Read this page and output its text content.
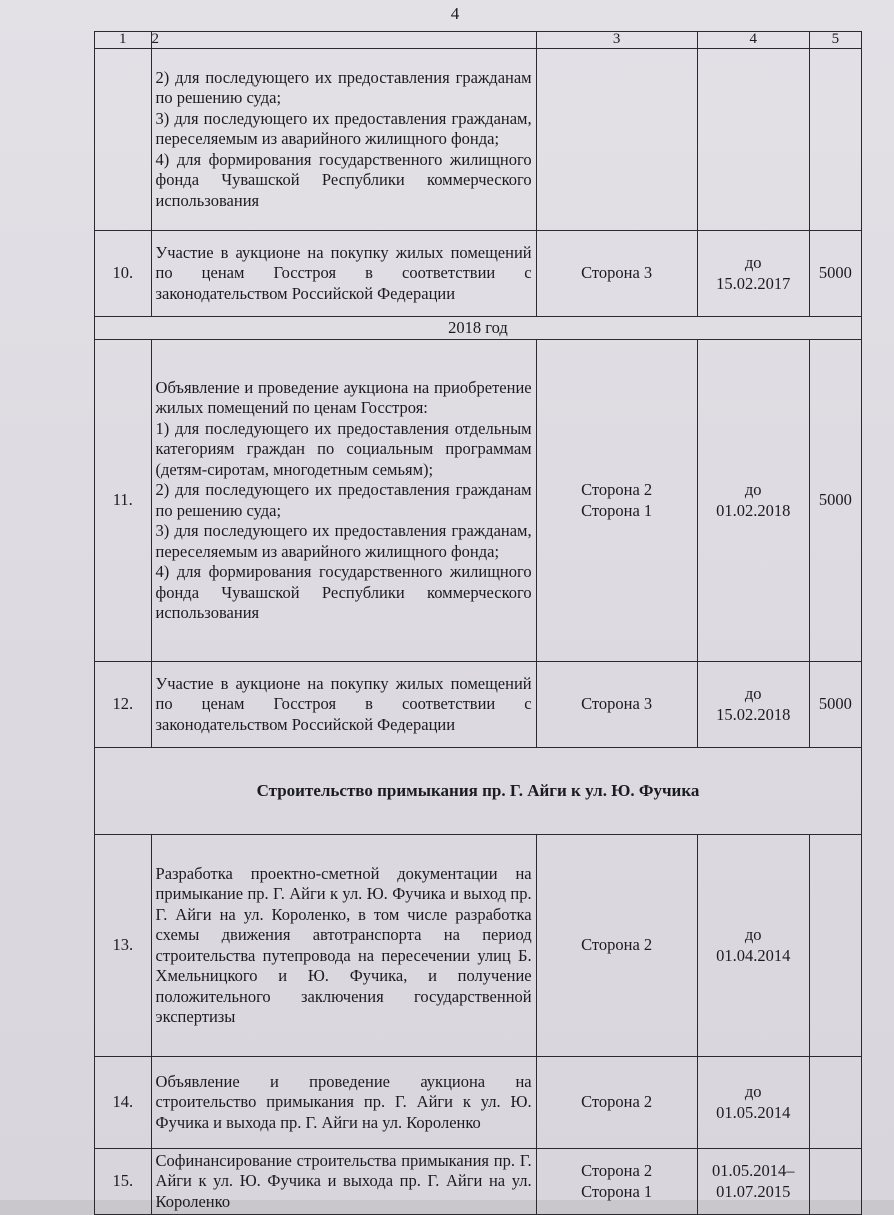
4
1	2	3	4	5
	2) для последующего их предоставления гражданам по решению суда;
3) для последующего их предоставления гражданам, переселяемым из аварийного жилищного фонда;
4) для формирования государственного жилищного фонда Чувашской Республики коммерческого использования			
10.	Участие в аукционе на покупку жилых помещений по ценам Госстроя в соответствии с законодательством Российской Федерации	Сторона 3	до
15.02.2017	5000
2018 год				
11.	Объявление и проведение аукциона на приобретение жилых помещений по ценам Госстроя:
1) для последующего их предоставления отдельным категориям граждан по социальным программам (детям-сиротам, многодетным семьям);
2) для последующего их предоставления гражданам по решению суда;
3) для последующего их предоставления гражданам, переселяемым из аварийного жилищного фонда;
4) для формирования государственного жилищного фонда Чувашской Республики коммерческого использования	Сторона 2
Сторона 1	до
01.02.2018	5000
12.	Участие в аукционе на покупку жилых помещений по ценам Госстроя в соответствии с законодательством Российской Федерации	Сторона 3	до
15.02.2018	5000
Строительство примыкания пр. Г. Айги к ул. Ю. Фучика				
13.	Разработка проектно-сметной документации на примыкание пр. Г. Айги к ул. Ю. Фучика и выход пр. Г. Айги на ул. Короленко, в том числе разработка схемы движения автотранспорта на период строительства путепровода на пересечении улиц Б. Хмельницкого и Ю. Фучика, и получение положительного заключения государственной экспертизы	Сторона 2	до
01.04.2014	
14.	Объявление и проведение аукциона на строительство примыкания пр. Г. Айги к ул. Ю. Фучика и выхода пр. Г. Айги на ул. Короленко	Сторона 2	до
01.05.2014	
15.	Софинансирование строительства примыкания пр. Г. Айги к ул. Ю. Фучика и выхода пр. Г. Айги на ул. Короленко	Сторона 2
Сторона 1	01.05.2014–
01.07.2015	
